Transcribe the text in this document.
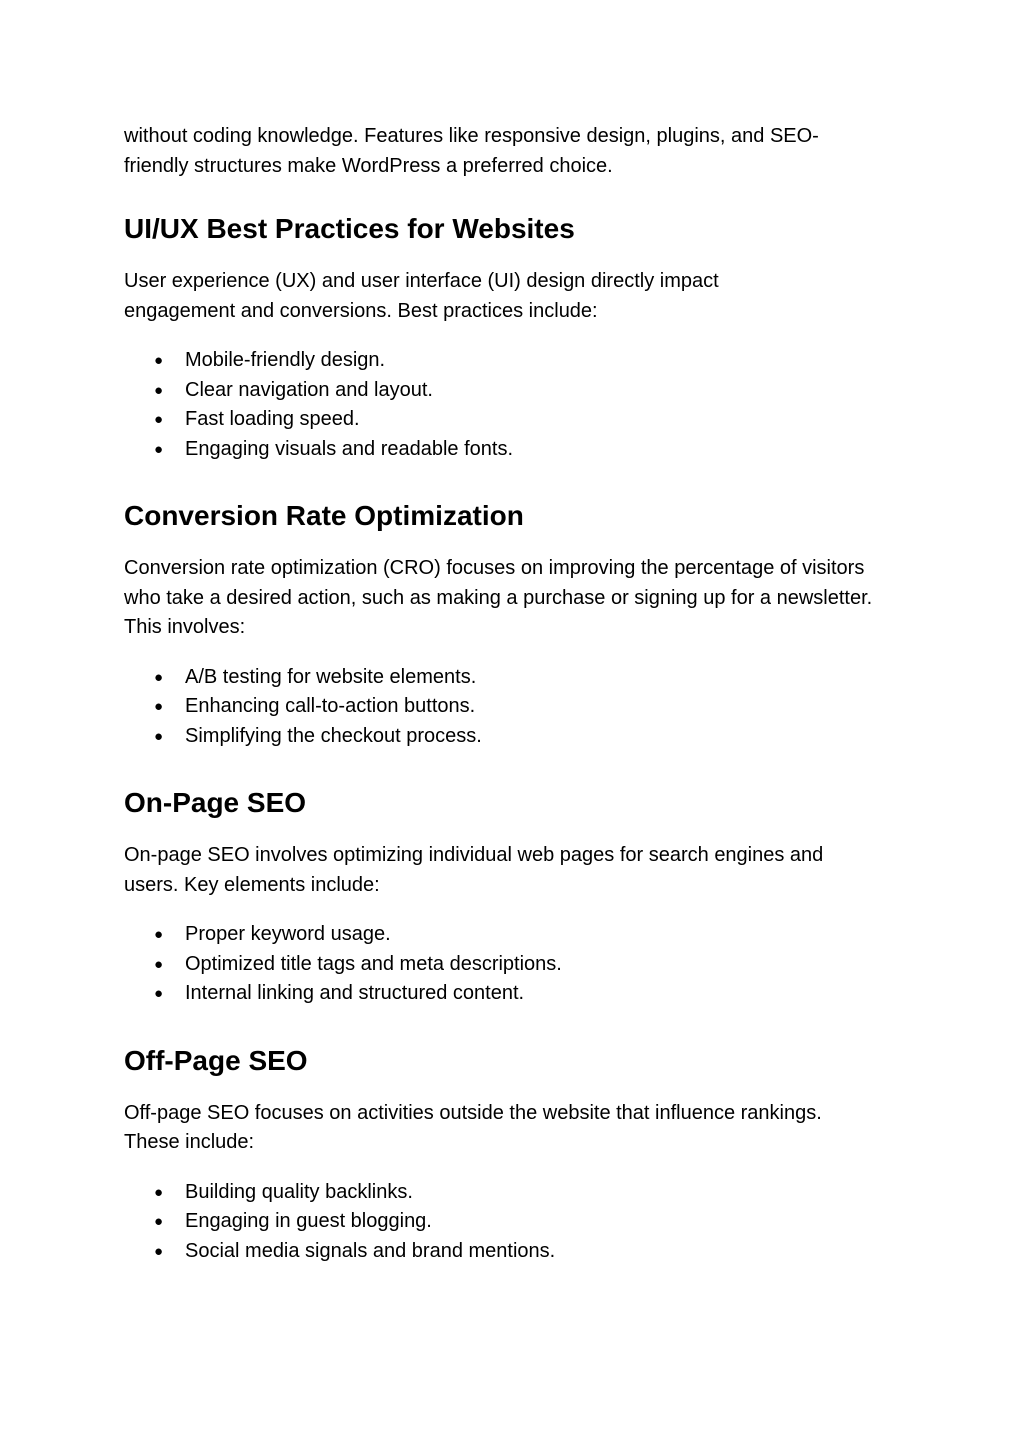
without coding knowledge. Features like responsive design, plugins, and SEO-friendly structures make WordPress a preferred choice.

UI/UX Best Practices for Websites

User experience (UX) and user interface (UI) design directly impact engagement and conversions. Best practices include:

● Mobile-friendly design.
● Clear navigation and layout.
● Fast loading speed.
● Engaging visuals and readable fonts.
Conversion Rate Optimization

Conversion rate optimization (CRO) focuses on improving the percentage of visitors who take a desired action, such as making a purchase or signing up for a newsletter. This involves:

● A/B testing for website elements.
● Enhancing call-to-action buttons.
● Simplifying the checkout process.
On-Page SEO

On-page SEO involves optimizing individual web pages for search engines and users. Key elements include:

● Proper keyword usage.
● Optimized title tags and meta descriptions.
● Internal linking and structured content.
Off-Page SEO

Off-page SEO focuses on activities outside the website that influence rankings. These include:

● Building quality backlinks.
● Engaging in guest blogging.
● Social media signals and brand mentions.
